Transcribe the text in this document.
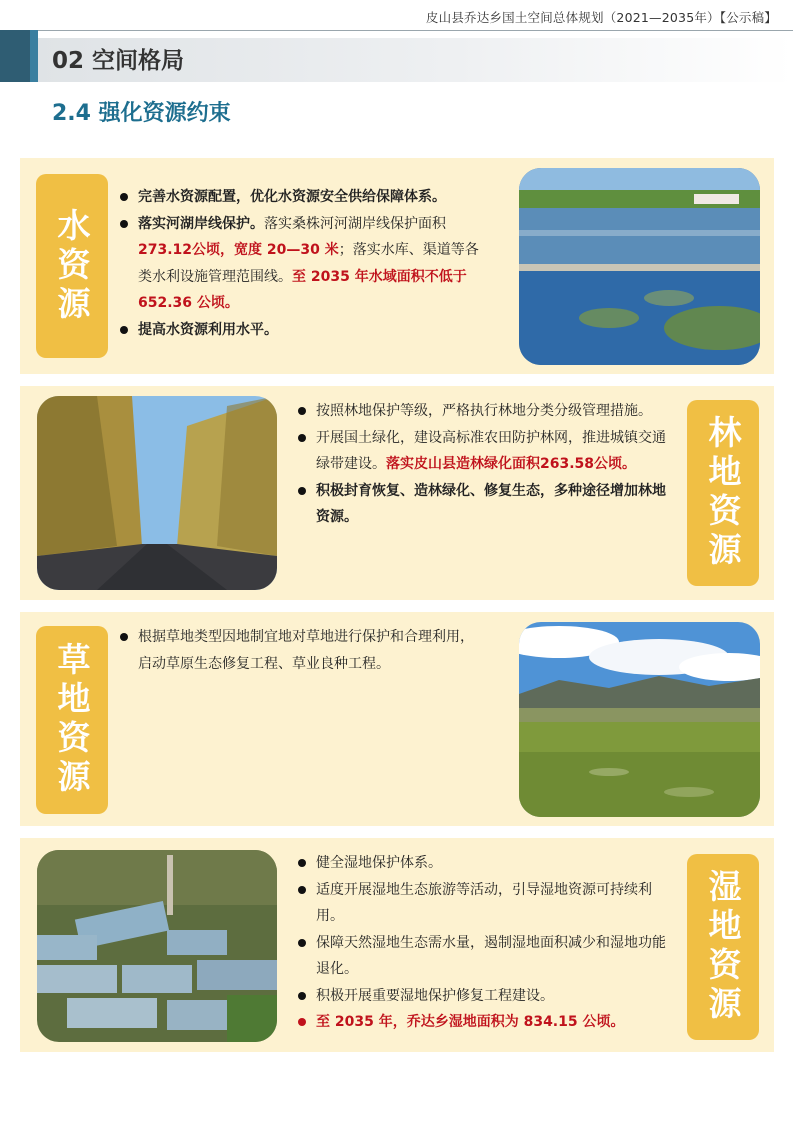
皮山县乔达乡国土空间总体规划（2021—2035年）【公示稿】
02 空间格局
2.4 强化资源约束
水资源
完善水资源配置，优化水资源安全供给保障体系。
落实河湖岸线保护。落实桑株河河湖岸线保护面积 273.12公顷，宽度 20—30 米；落实水库、渠道等各类水利设施管理范围线。至 2035 年水域面积不低于 652.36 公顷。
提高水资源利用水平。
按照林地保护等级，严格执行林地分类分级管理措施。
开展国土绿化，建设高标准农田防护林网，推进城镇交通绿带建设。落实皮山县造林绿化面积263.58公顷。
积极封育恢复、造林绿化、修复生态，多种途径增加林地资源。	林地资源
草地资源
根据草地类型因地制宜地对草地进行保护和合理利用，启动草原生态修复工程、草业良种工程。
健全湿地保护体系。
适度开展湿地生态旅游等活动，引导湿地资源可持续利用。
保障天然湿地生态需水量，遏制湿地面积减少和湿地功能退化。
积极开展重要湿地保护修复工程建设。
至 2035 年，乔达乡湿地面积为 834.15 公顷。	湿地资源
